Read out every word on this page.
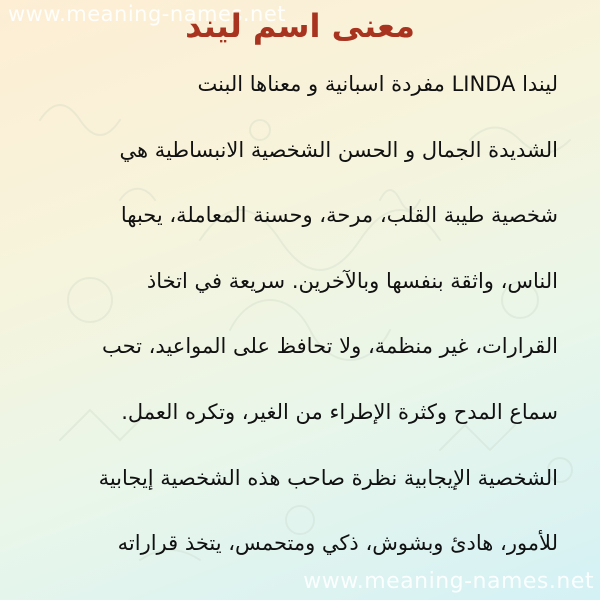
www.meaning-names.net
معنى اسم ليند
ليندا LINDA مفردة اسبانية و معناها البنت
الشديدة الجمال و الحسن الشخصية الانبساطية هي
شخصية طيبة القلب، مرحة، وحسنة المعاملة، يحبها
الناس، واثقة بنفسها وبالآخرين. سريعة في اتخاذ
القرارات، غير منظمة، ولا تحافظ على المواعيد، تحب
سماع المدح وكثرة الإطراء من الغير، وتكره العمل.
الشخصية الإيجابية نظرة صاحب هذه الشخصية إيجابية
للأمور، هادئ وبشوش، ذكي ومتحمس، يتخذ قراراته
www.meaning-names.net
